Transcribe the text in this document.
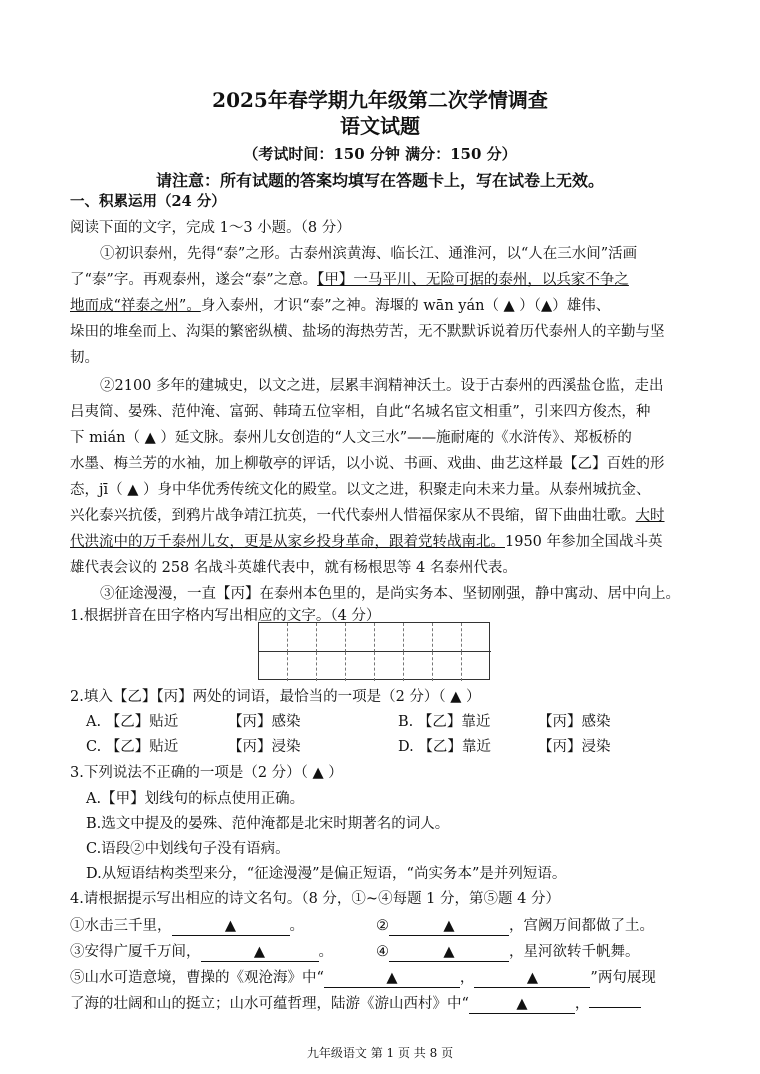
2025年春学期九年级第二次学情调查
语文试题
（考试时间：150 分钟 满分：150 分）
请注意：所有试题的答案均填写在答题卡上，写在试卷上无效。
一、积累运用（24 分）
阅读下面的文字，完成 1～3 小题。（8 分）
①初识泰州，先得“泰”之形。古泰州滨黄海、临长江、通淮河，以“人在三水间”活画
了“泰”字。再观泰州，遂会“泰”之意。【甲】一马平川、无险可据的泰州，以兵家不争之
地而成“祥泰之州”。身入泰州，才识“泰”之神。海堰的 wān yán（ ▲ ）（▲）雄伟、
垛田的堆垒而上、沟渠的繁密纵横、盐场的海热劳苦，无不默默诉说着历代泰州人的辛勤与坚
韧。
②2100 多年的建城史，以文之进，层累丰润精神沃土。设于古泰州的西溪盐仓监，走出
吕夷简、晏殊、范仲淹、富弼、韩琦五位宰相，自此“名城名宦文相重”，引来四方俊杰，种
下 mián（ ▲ ）延文脉。泰州儿女创造的“人文三水”——施耐庵的《水浒传》、郑板桥的
水墨、梅兰芳的水袖，加上柳敬亭的评话，以小说、书画、戏曲、曲艺这样最【乙】百姓的形
态，jī（ ▲ ）身中华优秀传统文化的殿堂。以文之进，积聚走向未来力量。从泰州城抗金、
兴化泰兴抗倭，到鸦片战争靖江抗英，一代代泰州人惜福保家从不畏缩，留下曲曲壮歌。大时
代洪流中的万千泰州儿女，更是从家乡投身革命，跟着党转战南北。1950 年参加全国战斗英
雄代表会议的 258 名战斗英雄代表中，就有杨根思等 4 名泰州代表。
③征途漫漫，一直【丙】在泰州本色里的，是尚实务本、坚韧刚强，静中寓动、居中向上。
1.根据拼音在田字格内写出相应的文字。（4 分）
2.填入【乙】【丙】两处的词语，最恰当的一项是（2 分）（ ▲ ）
A. 【乙】贴近	【丙】感染	B. 【乙】靠近	【丙】感染
C. 【乙】贴近	【丙】浸染	D. 【乙】靠近	【丙】浸染
3.下列说法不正确的一项是（2 分）（ ▲ ）
A.【甲】划线句的标点使用正确。
B.选文中提及的晏殊、范仲淹都是北宋时期著名的词人。
C.语段②中划线句子没有语病。
D.从短语结构类型来分，“征途漫漫”是偏正短语，“尚实务本”是并列短语。
4.请根据提示写出相应的诗文名句。（8 分，①~④每题 1 分，第⑤题 4 分）
①水击三千里，	▲	。	②	▲	，宫阙万间都做了土。
③安得广厦千万间，	▲	。	④	▲	，星河欲转千帆舞。
⑤山水可造意境，曹操的《观沧海》中“	▲	，	▲	”两句展现
了海的壮阔和山的挺立；山水可蕴哲理，陆游《游山西村》中“	▲	，
九年级语文 第 1 页 共 8 页
